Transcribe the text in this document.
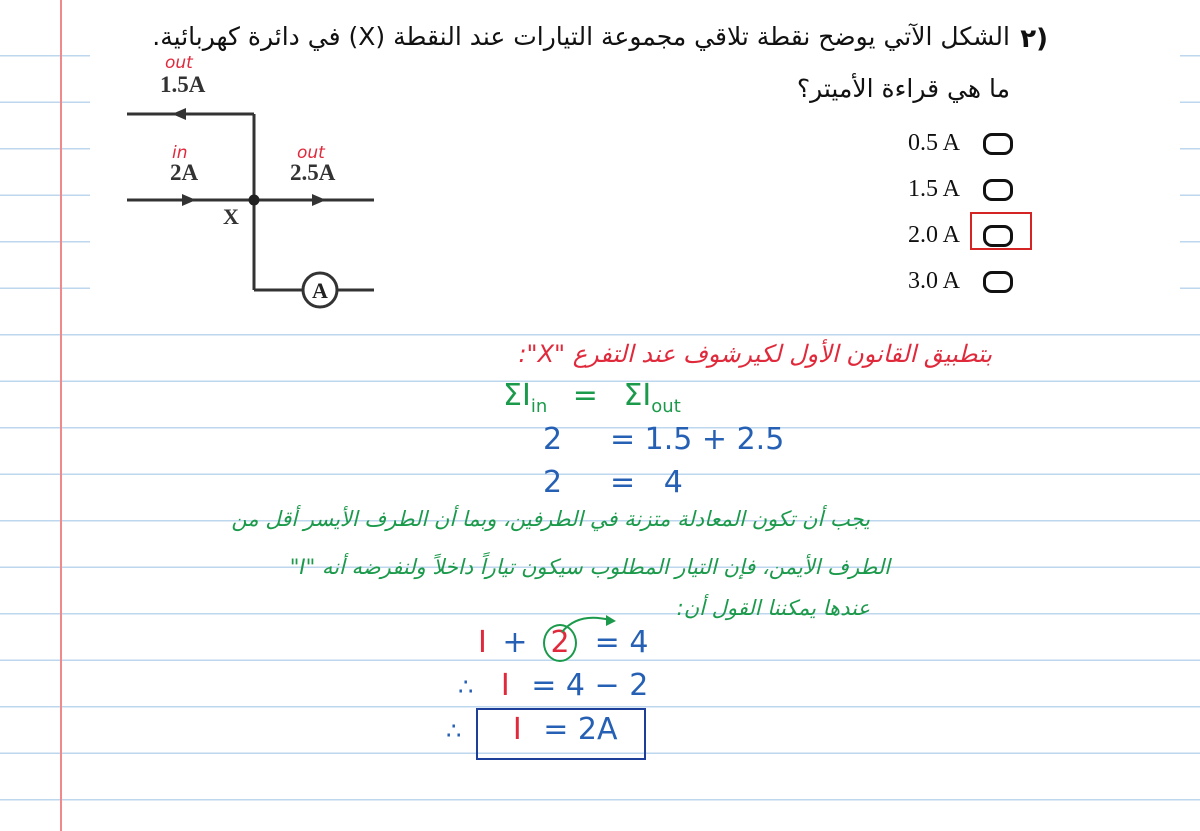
٢)
الشكل الآتي يوضح نقطة تلاقي مجموعة التيارات عند النقطة (X) في دائرة كهربائية.
ما هي قراءة الأميتر؟
0.5 A
1.5 A
2.0 A
3.0 A
A
1.5A
2A	2.5A
X
out
in	out
بتطبيق القانون الأول لكيرشوف عند التفرع "X":
$\Sigma I_{in} = \Sigma I_{out}$
2 = 1.5 + 2.5
2 =   4
يجب أن تكون المعادلة متزنة في الطرفين، وبما أن الطرف الأيسر أقل من
الطرف الأيمن، فإن التيار المطلوب سيكون تياراً داخلاً ولنفرضه أنه "I"
عندها يمكننا القول أن:
I + 2 = 4
∴ I = 4 − 2
∴ I = 2A
